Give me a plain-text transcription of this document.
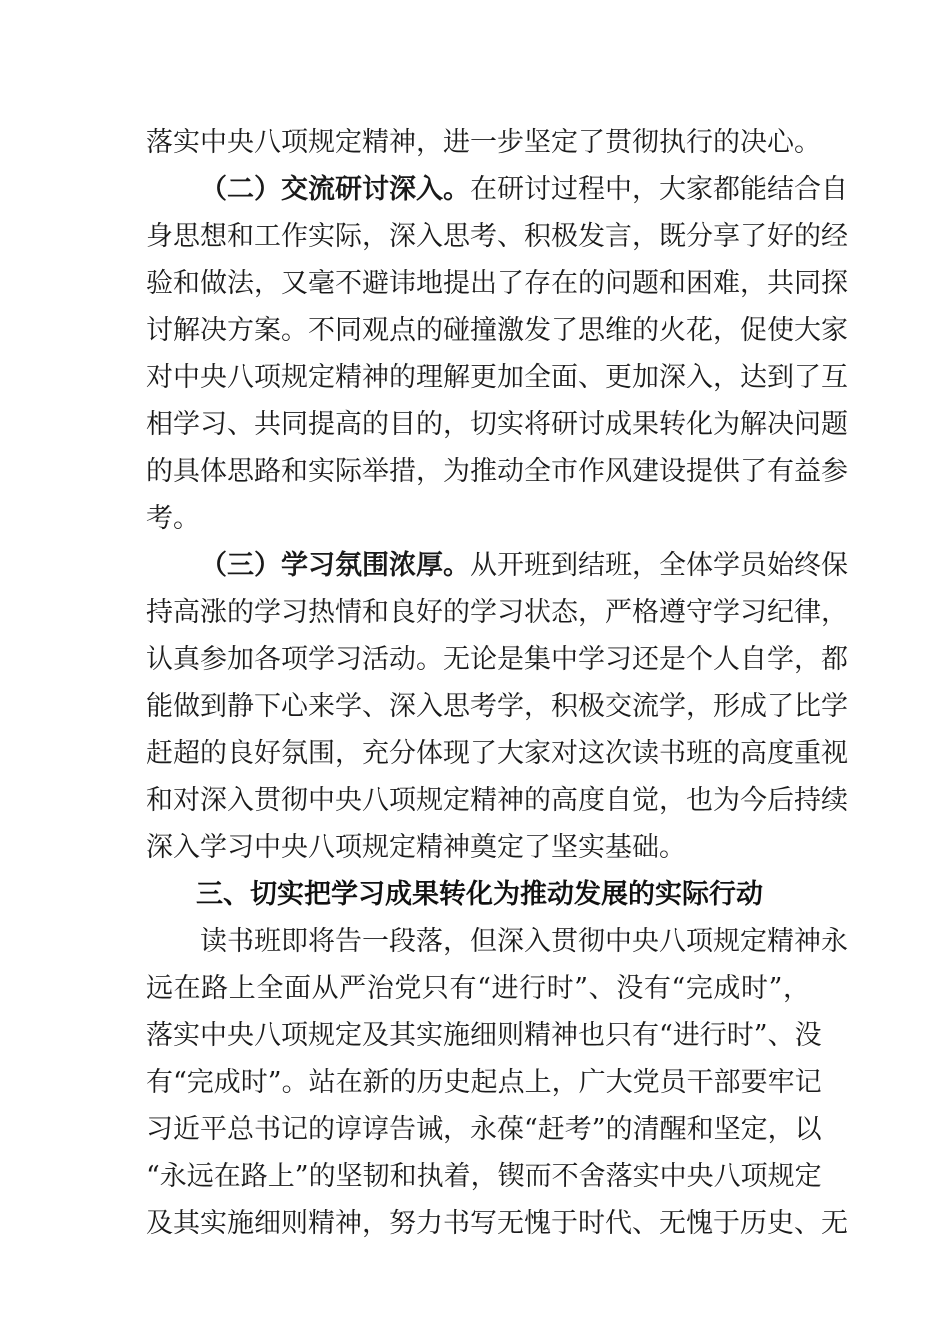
落实中央八项规定精神，进一步坚定了贯彻执行的决心。
（二）交流研讨深入。在研讨过程中，大家都能结合自
身思想和工作实际，深入思考、积极发言，既分享了好的经
验和做法，又毫不避讳地提出了存在的问题和困难，共同探
讨解决方案。不同观点的碰撞激发了思维的火花，促使大家
对中央八项规定精神的理解更加全面、更加深入，达到了互
相学习、共同提高的目的，切实将研讨成果转化为解决问题
的具体思路和实际举措，为推动全市作风建设提供了有益参
考。
（三）学习氛围浓厚。从开班到结班，全体学员始终保
持高涨的学习热情和良好的学习状态，严格遵守学习纪律，
认真参加各项学习活动。无论是集中学习还是个人自学，都
能做到静下心来学、深入思考学，积极交流学，形成了比学
赶超的良好氛围，充分体现了大家对这次读书班的高度重视
和对深入贯彻中央八项规定精神的高度自觉，也为今后持续
深入学习中央八项规定精神奠定了坚实基础。
三、切实把学习成果转化为推动发展的实际行动
读书班即将告一段落，但深入贯彻中央八项规定精神永
远在路上全面从严治党只有“进行时”、没有“完成时”，
落实中央八项规定及其实施细则精神也只有“进行时”、没
有“完成时”。站在新的历史起点上，广大党员干部要牢记
习近平总书记的谆谆告诫，永葆“赶考”的清醒和坚定，以
“永远在路上”的坚韧和执着，锲而不舍落实中央八项规定
及其实施细则精神，努力书写无愧于时代、无愧于历史、无
